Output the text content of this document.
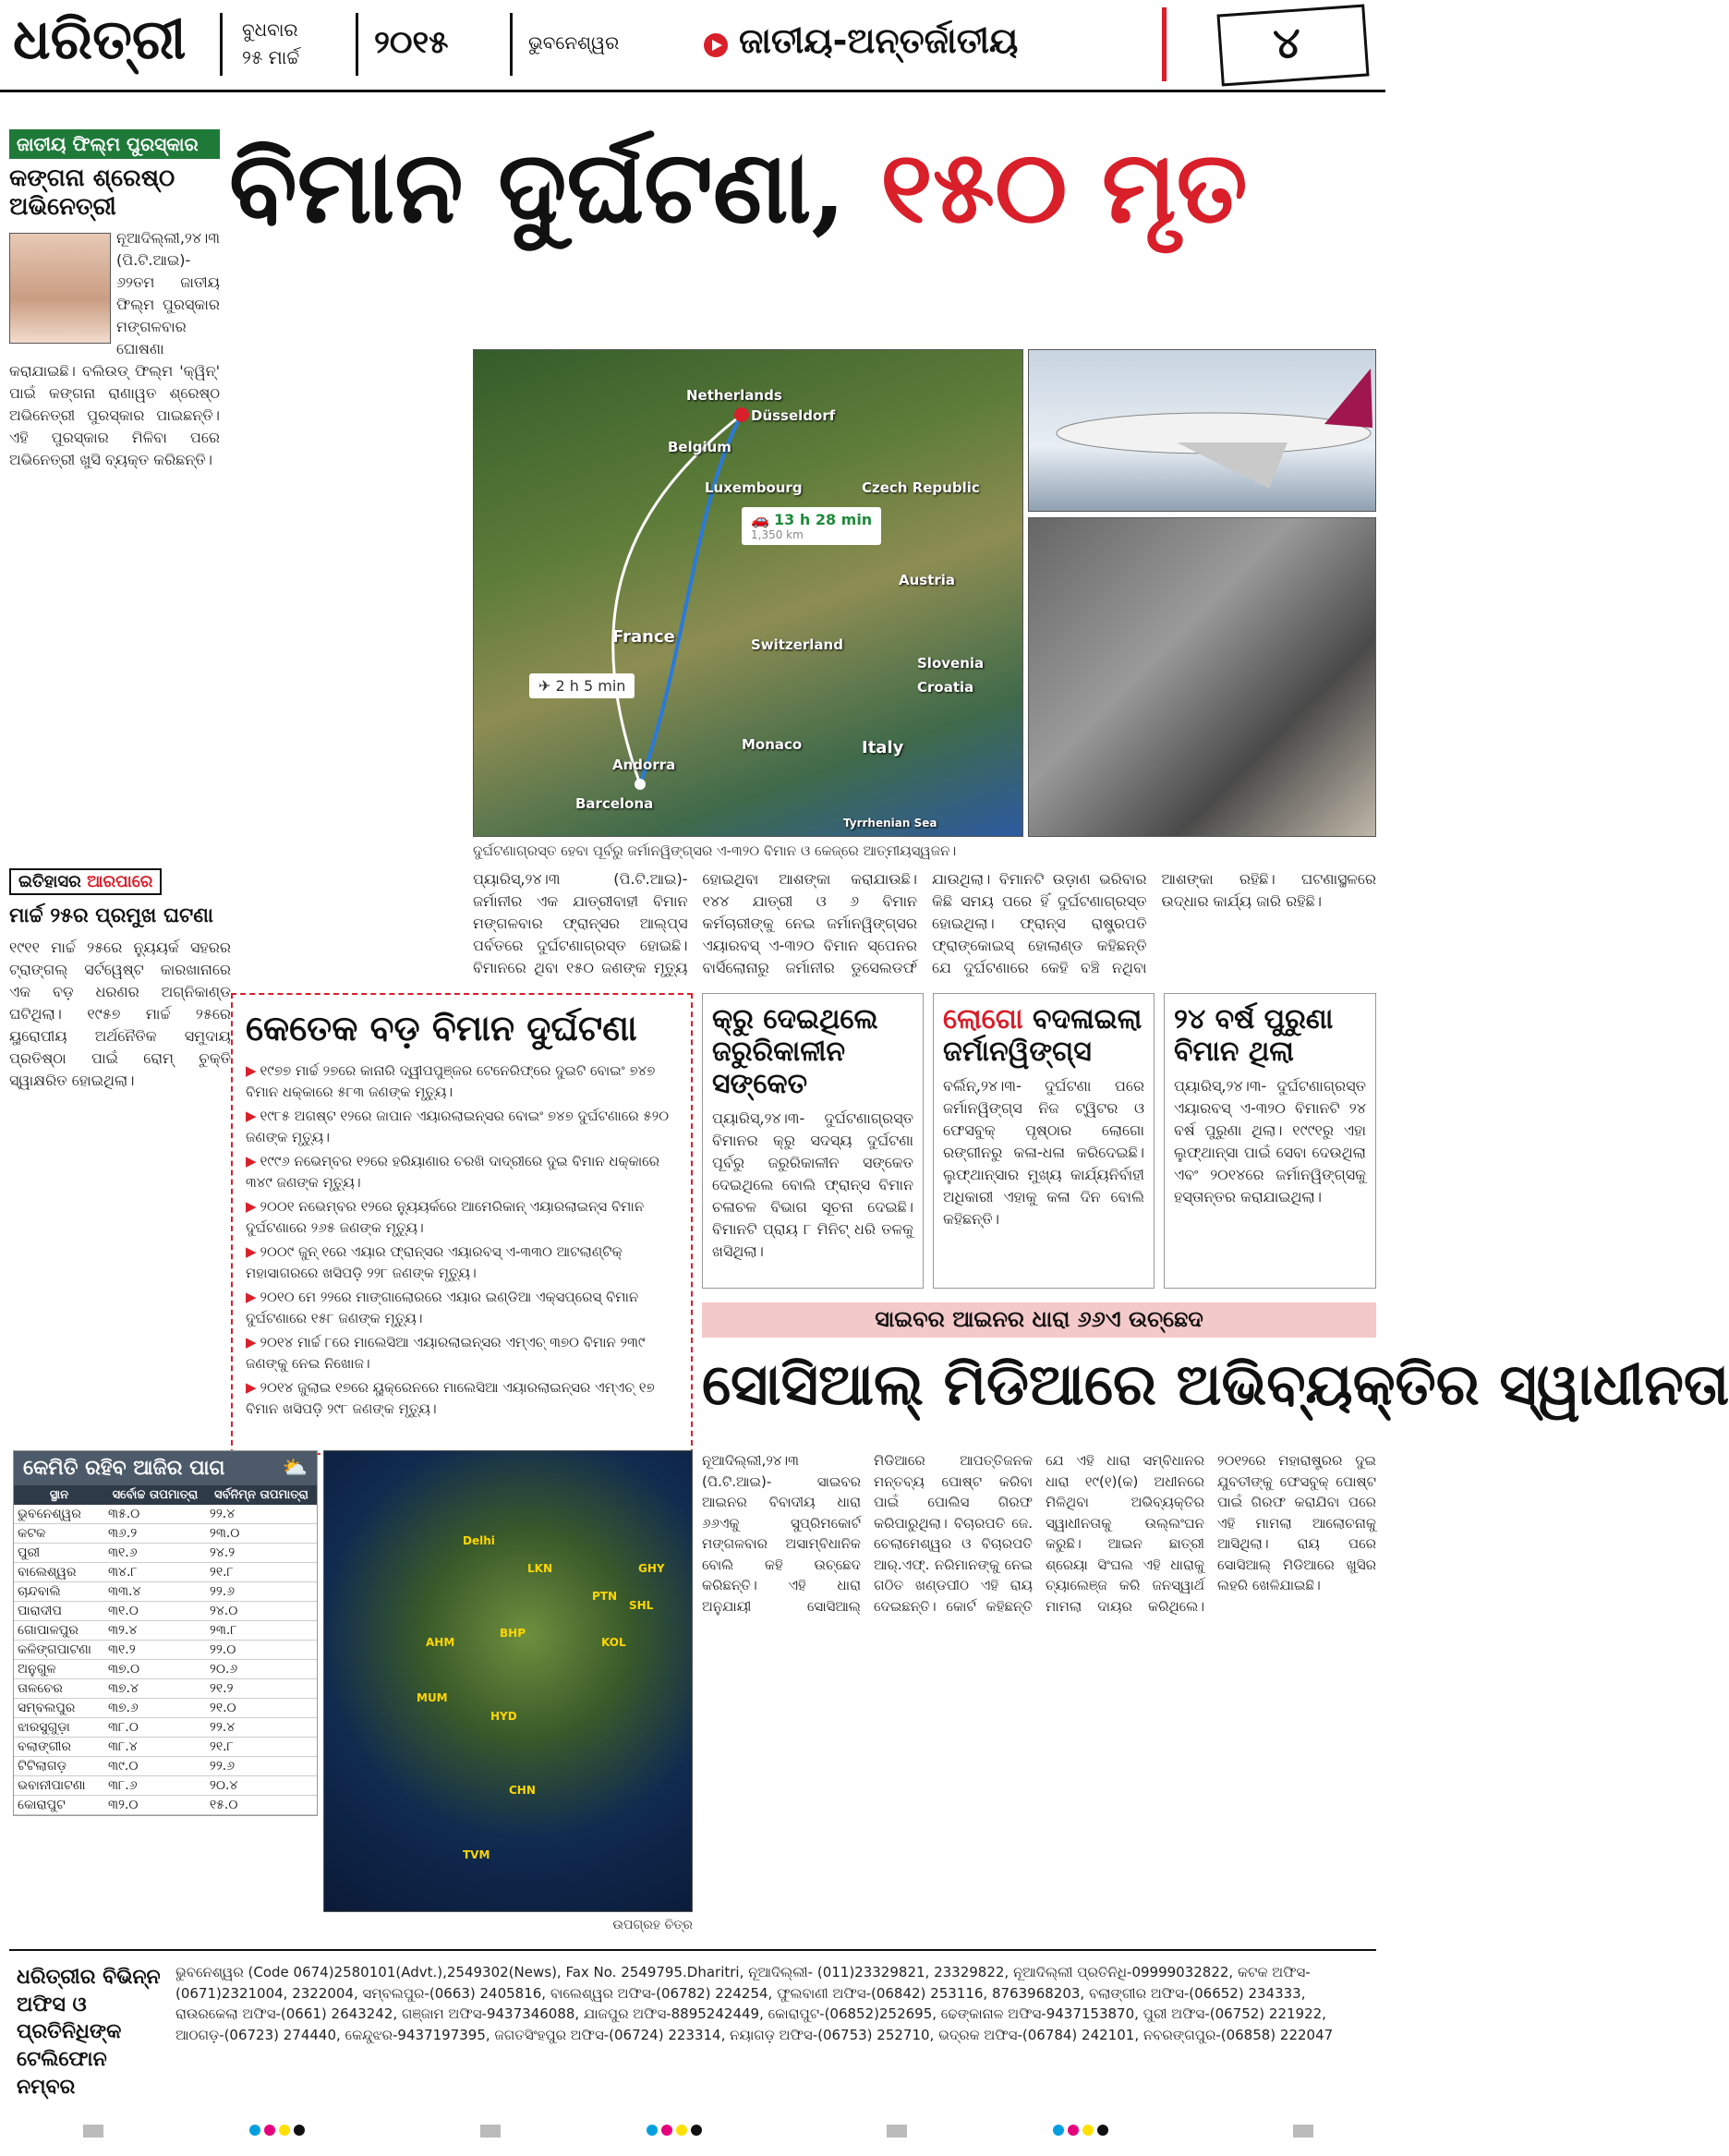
ଧରିତ୍ରୀ	ବୁଧବାର
୨୫ ମାର୍ଚ୍ଚ ୨୦୧୫	ଭୁବନେଶ୍ୱର	ଜାତୀୟ-ଅନ୍ତର୍ଜାତୀୟ	୪
ଜାତୀୟ ଫିଲ୍ମ ପୁରସ୍କାର
କଙ୍ଗନା ଶ୍ରେଷ୍ଠ ଅଭିନେତ୍ରୀ
ନୂଆଦିଲ୍ଲୀ,୨୪।୩ (ପି.ଟି.ଆଇ)- ୬୨ତମ ଜାତୀୟ ଫିଲ୍ମ ପୁରସ୍କାର ମଙ୍ଗଳବାର ଘୋଷଣା କରାଯାଇଛି। ବଲିଉଡ୍ ଫିଲ୍ମ 'କ୍ୱିନ୍' ପାଇଁ କଙ୍ଗନା ରାଣାୱତ ଶ୍ରେଷ୍ଠ ଅଭିନେତ୍ରୀ ପୁରସ୍କାର ପାଇଛନ୍ତି। ଏହି ପୁରସ୍କାର ମିଳିବା ପରେ ଅଭିନେତ୍ରୀ ଖୁସି ବ୍ୟକ୍ତ କରିଛନ୍ତି।
ବିମାନ ଦୁର୍ଘଟଣା, ୧୫୦ ମୃତ
Netherlands
Düsseldorf
Belgium
Luxembourg
France	Switzerland
Austria
Czech Republic
Italy
Monaco
Andorra
Barcelona
Slovenia
Croatia
Tyrrhenian Sea
🚗 13 h 28 min
1,350 km
✈ 2 h 5 min
ଦୁର୍ଘଟଣାଗ୍ରସ୍ତ ହେବା ପୂର୍ବରୁ ଜର୍ମାନୱିଙ୍ଗ୍‌ସର ଏ-୩୨୦ ବିମାନ ଓ କେଜ୍‌ରେ ଆତ୍ମୀୟସ୍ୱଜନ।
ପ୍ୟାରିସ୍,୨୪।୩ (ପି.ଟି.ଆଇ)- ଜର୍ମାନୀର ଏକ ଯାତ୍ରୀବାହୀ ବିମାନ ମଙ୍ଗଳବାର ଫ୍ରାନ୍ସର ଆଲ୍‌ପ୍ସ ପର୍ବତରେ ଦୁର୍ଘଟଣାଗ୍ରସ୍ତ ହୋଇଛି। ବିମାନରେ ଥିବା ୧୫୦ ଜଣଙ୍କ ମୃତ୍ୟୁ ହୋଇଥିବା ଆଶଙ୍କା କରାଯାଉଛି। ୧୪୪ ଯାତ୍ରୀ ଓ ୬ ବିମାନ କର୍ମଚାରୀଙ୍କୁ ନେଇ ଜର୍ମାନୱିଙ୍ଗ୍‌ସର ଏୟାରବସ୍ ଏ-୩୨୦ ବିମାନ ସ୍ପେନର ବାର୍ସିଲୋନାରୁ ଜର୍ମାନୀର ଡୁସେଲଡର୍ଫ ଯାଉଥିଲା। ବିମାନଟି ଉଡ଼ାଣ ଭରିବାର କିଛି ସମୟ ପରେ ହିଁ ଦୁର୍ଘଟଣାଗ୍ରସ୍ତ ହୋଇଥିଲା। ଫ୍ରାନ୍ସ ରାଷ୍ଟ୍ରପତି ଫ୍ରାଙ୍କୋଇସ୍ ହୋଲାଣ୍ଡ କହିଛନ୍ତି ଯେ ଦୁର୍ଘଟଣାରେ କେହି ବଞ୍ଚି ନଥିବା ଆଶଙ୍କା ରହିଛି। ଘଟଣାସ୍ଥଳରେ ଉଦ୍ଧାର କାର୍ଯ୍ୟ ଜାରି ରହିଛି।
ଇତିହାସର ଆରପାରେ
ମାର୍ଚ୍ଚ ୨୫ର ପ୍ରମୁଖ ଘଟଣା
୧୯୧୧ ମାର୍ଚ୍ଚ ୨୫ରେ ନ୍ୟୁୟର୍କ ସହରର ଟ୍ରାଙ୍ଗଲ୍ ସର୍ଟୱେଷ୍ଟ କାରଖାନାରେ ଏକ ବଡ଼ ଧରଣର ଅଗ୍ନିକାଣ୍ଡ ଘଟିଥିଲା। ୧୯୫୭ ମାର୍ଚ୍ଚ ୨୫ରେ ୟୁରୋପୀୟ ଅର୍ଥନୈତିକ ସମୁଦାୟ ପ୍ରତିଷ୍ଠା ପାଇଁ ରୋମ୍ ଚୁକ୍ତି ସ୍ୱାକ୍ଷରିତ ହୋଇଥିଲା।
କେତେକ ବଡ଼ ବିମାନ ଦୁର୍ଘଟଣା
▶ ୧୯୭୭ ମାର୍ଚ୍ଚ ୨୭ରେ କାନାରି ଦ୍ୱୀପପୁଞ୍ଜର ଟେନେରିଫ୍‌ରେ ଦୁଇଟି ବୋଇଂ ୭୪୭ ବିମାନ ଧକ୍କାରେ ୫୮୩ ଜଣଙ୍କ ମୃତ୍ୟୁ।
▶ ୧୯୮୫ ଅଗଷ୍ଟ ୧୨ରେ ଜାପାନ ଏୟାରଲାଇନ୍ସର ବୋଇଂ ୭୪୭ ଦୁର୍ଘଟଣାରେ ୫୨୦ ଜଣଙ୍କ ମୃତ୍ୟୁ।
▶ ୧୯୯୬ ନଭେମ୍ବର ୧୨ରେ ହରିୟାଣାର ଚରଖି ଦାଦ୍ରୀରେ ଦୁଇ ବିମାନ ଧକ୍କାରେ ୩୪୯ ଜଣଙ୍କ ମୃତ୍ୟୁ।
▶ ୨୦୦୧ ନଭେମ୍ବର ୧୨ରେ ନ୍ୟୁୟର୍କରେ ଆମେରିକାନ୍ ଏୟାରଲାଇନ୍ସ ବିମାନ ଦୁର୍ଘଟଣାରେ ୨୬୫ ଜଣଙ୍କ ମୃତ୍ୟୁ।
▶ ୨୦୦୯ ଜୁନ୍ ୧ରେ ଏୟାର ଫ୍ରାନ୍ସର ଏୟାରବସ୍ ଏ-୩୩୦ ଆଟଲାଣ୍ଟିକ୍ ମହାସାଗରରେ ଖସିପଡ଼ି ୨୨୮ ଜଣଙ୍କ ମୃତ୍ୟୁ।
▶ ୨୦୧୦ ମେ ୨୨ରେ ମାଙ୍ଗାଲୋରରେ ଏୟାର ଇଣ୍ଡିଆ ଏକ୍ସପ୍ରେସ୍ ବିମାନ ଦୁର୍ଘଟଣାରେ ୧୫୮ ଜଣଙ୍କ ମୃତ୍ୟୁ।
▶ ୨୦୧୪ ମାର୍ଚ୍ଚ ୮ରେ ମାଲେସିଆ ଏୟାରଲାଇନ୍ସର ଏମ୍‌ଏଚ୍ ୩୭୦ ବିମାନ ୨୩୯ ଜଣଙ୍କୁ ନେଇ ନିଖୋଜ।
▶ ୨୦୧୪ ଜୁଲାଇ ୧୭ରେ ୟୁକ୍ରେନରେ ମାଲେସିଆ ଏୟାରଲାଇନ୍ସର ଏମ୍‌ଏଚ୍ ୧୭ ବିମାନ ଖସିପଡ଼ି ୨୯୮ ଜଣଙ୍କ ମୃତ୍ୟୁ।
କ୍ରୁ ଦେଇଥିଲେ ଜରୁରିକାଳୀନ ସଙ୍କେତ
ପ୍ୟାରିସ୍,୨୪।୩- ଦୁର୍ଘଟଣାଗ୍ରସ୍ତ ବିମାନର କ୍ରୁ ସଦସ୍ୟ ଦୁର୍ଘଟଣା ପୂର୍ବରୁ ଜରୁରିକାଳୀନ ସଙ୍କେତ ଦେଇଥିଲେ ବୋଲି ଫ୍ରାନ୍ସ ବିମାନ ଚଳାଚଳ ବିଭାଗ ସୂଚନା ଦେଇଛି। ବିମାନଟି ପ୍ରାୟ ୮ ମିନିଟ୍ ଧରି ତଳକୁ ଖସିଥିଲା।
ଲୋଗୋ ବଦଳାଇଲା ଜର୍ମାନୱିଙ୍ଗ୍‌ସ
ବର୍ଲିନ୍,୨୪।୩- ଦୁର୍ଘଟଣା ପରେ ଜର୍ମାନୱିଙ୍ଗ୍‌ସ ନିଜ ଟ୍ୱିଟର ଓ ଫେସବୁକ୍ ପୃଷ୍ଠାର ଲୋଗୋ ରଙ୍ଗୀନରୁ କଳା-ଧଳା କରିଦେଇଛି। ଲୁଫ୍‌ଥାନ୍‌ସାର ମୁଖ୍ୟ କାର୍ଯ୍ୟନିର୍ବାହୀ ଅଧିକାରୀ ଏହାକୁ କଳା ଦିନ ବୋଲି କହିଛନ୍ତି।
୨୪ ବର୍ଷ ପୁରୁଣା ବିମାନ ଥିଲା
ପ୍ୟାରିସ୍,୨୪।୩- ଦୁର୍ଘଟଣାଗ୍ରସ୍ତ ଏୟାରବସ୍ ଏ-୩୨୦ ବିମାନଟି ୨୪ ବର୍ଷ ପୁରୁଣା ଥିଲା। ୧୯୯୧ରୁ ଏହା ଲୁଫ୍‌ଥାନ୍‌ସା ପାଇଁ ସେବା ଦେଉଥିଲା ଏବଂ ୨୦୧୪ରେ ଜର୍ମାନୱିଙ୍ଗ୍‌ସକୁ ହସ୍ତାନ୍ତର କରାଯାଇଥିଲା।
ସାଇବର ଆଇନର ଧାରା ୬୬ଏ ଉଚ୍ଛେଦ
ସୋସିଆଲ୍ ମିଡିଆରେ ଅଭିବ୍ୟକ୍ତିର ସ୍ୱାଧୀନତା
ନୂଆଦିଲ୍ଲୀ,୨୪।୩ (ପି.ଟି.ଆଇ)- ସାଇବର ଆଇନର ବିବାଦୀୟ ଧାରା ୬୬ଏକୁ ସୁପ୍ରିମକୋର୍ଟ ମଙ୍ଗଳବାର ଅସାମ୍ବିଧାନିକ ବୋଲି କହି ଉଚ୍ଛେଦ କରିଛନ୍ତି। ଏହି ଧାରା ଅନୁଯାୟୀ ସୋସିଆଲ୍ ମିଡିଆରେ ଆପତ୍ତିଜନକ ମନ୍ତବ୍ୟ ପୋଷ୍ଟ କରିବା ପାଇଁ ପୋଲିସ ଗିରଫ କରିପାରୁଥିଲା। ବିଚାରପତି ଜେ. ଚେଲାମେଶ୍ୱର ଓ ବିଚାରପତି ଆର୍.ଏଫ୍. ନରିମାନଙ୍କୁ ନେଇ ଗଠିତ ଖଣ୍ଡପୀଠ ଏହି ରାୟ ଦେଇଛନ୍ତି। କୋର୍ଟ କହିଛନ୍ତି ଯେ ଏହି ଧାରା ସମ୍ବିଧାନର ଧାରା ୧୯(୧)(କ) ଅଧୀନରେ ମିଳିଥିବା ଅଭିବ୍ୟକ୍ତିର ସ୍ୱାଧୀନତାକୁ ଉଲ୍ଲଂଘନ କରୁଛି। ଆଇନ ଛାତ୍ରୀ ଶ୍ରେୟା ସିଂଘଲ ଏହି ଧାରାକୁ ଚ୍ୟାଲେଞ୍ଜ କରି ଜନସ୍ୱାର୍ଥ ମାମଲା ଦାୟର କରିଥିଲେ। ୨୦୧୨ରେ ମହାରାଷ୍ଟ୍ରର ଦୁଇ ଯୁବତୀଙ୍କୁ ଫେସବୁକ୍ ପୋଷ୍ଟ ପାଇଁ ଗିରଫ କରାଯିବା ପରେ ଏହି ମାମଲା ଆଲୋଚନାକୁ ଆସିଥିଲା। ରାୟ ପରେ ସୋସିଆଲ୍ ମିଡିଆରେ ଖୁସିର ଲହରି ଖେଳିଯାଇଛି।
କେମିତି ରହିବ ଆଜିର ପାଗ	⛅
ସ୍ଥାନ	ସର୍ବୋଚ୍ଚ ତାପମାତ୍ରା	ସର୍ବନିମ୍ନ ତାପମାତ୍ରା
ଭୁବନେଶ୍ୱର	୩୫.୦	୨୨.୪
କଟକ	୩୬.୨	୨୩.୦
ପୁରୀ	୩୧.୬	୨୪.୨
ବାଲେଶ୍ୱର	୩୪.୮	୨୧.୮
ଚାନ୍ଦବାଲି	୩୩.୪	୨୨.୬
ପାରାଦୀପ	୩୧.୦	୨୪.୦
ଗୋପାଳପୁର	୩୨.୪	୨୩.୮
କଳିଙ୍ଗପାଟଣା	୩୧.୨	୨୨.୦
ଅନୁଗୁଳ	୩୭.୦	୨୦.୬
ତାଳଚେର	୩୭.୪	୨୧.୨
ସମ୍ବଲପୁର	୩୭.୬	୨୧.୦
ଝାରସୁଗୁଡ଼ା	୩୮.୦	୨୨.୪
ବଲାଙ୍ଗୀର	୩୮.୪	୨୧.୮
ଟିଟିଲାଗଡ଼	୩୯.୦	୨୨.୬
ଭବାନୀପାଟଣା	୩୮.୬	୨୦.୪
କୋରାପୁଟ	୩୨.୦	୧୫.୦
Delhi
LKN
PTN
GHY
BHP
AHM
MUM
HYD
CHN
TVM
KOL
SHL
ଉପଗ୍ରହ ଚିତ୍ର
ଧରିତ୍ରୀର ବିଭିନ୍ନ ଅଫିସ ଓ ପ୍ରତିନିଧିଙ୍କ ଟେଲିଫୋନ ନମ୍ବର
ଭୁବନେଶ୍ୱର (Code 0674)2580101(Advt.),2549302(News), Fax No. 2549795.Dharitri, ନୂଆଦିଲ୍ଲୀ- (011)23329821, 23329822, ନୂଆଦିଲ୍ଲୀ ପ୍ରତିନିଧି-09999032822, କଟକ ଅଫିସ-(0671)2321004, 2322004, ସମ୍ବଲପୁର-(0663) 2405816, ବାଲେଶ୍ୱର ଅଫିସ-(06782) 224254, ଫୁଲବାଣୀ ଅଫିସ-(06842) 253116, 8763968203, ବଲାଙ୍ଗୀର ଅଫିସ-(06652) 234333, ରାଉରକେଲା ଅଫିସ-(0661) 2643242, ଗଞ୍ଜାମ ଅଫିସ-9437346088, ଯାଜପୁର ଅଫିସ-8895242449, କୋରାପୁଟ-(06852)252695, ଢେଙ୍କାନାଳ ଅଫିସ-9437153870, ପୁରୀ ଅଫିସ-(06752) 221922, ଆଠଗଡ଼-(06723) 274440, କେନ୍ଦୁଝର-9437197395, ଜଗତସିଂହପୁର ଅଫିସ-(06724) 223314, ନୟାଗଡ଼ ଅଫିସ-(06753) 252710, ଭଦ୍ରକ ଅଫିସ-(06784) 242101, ନବରଙ୍ଗପୁର-(06858) 222047
